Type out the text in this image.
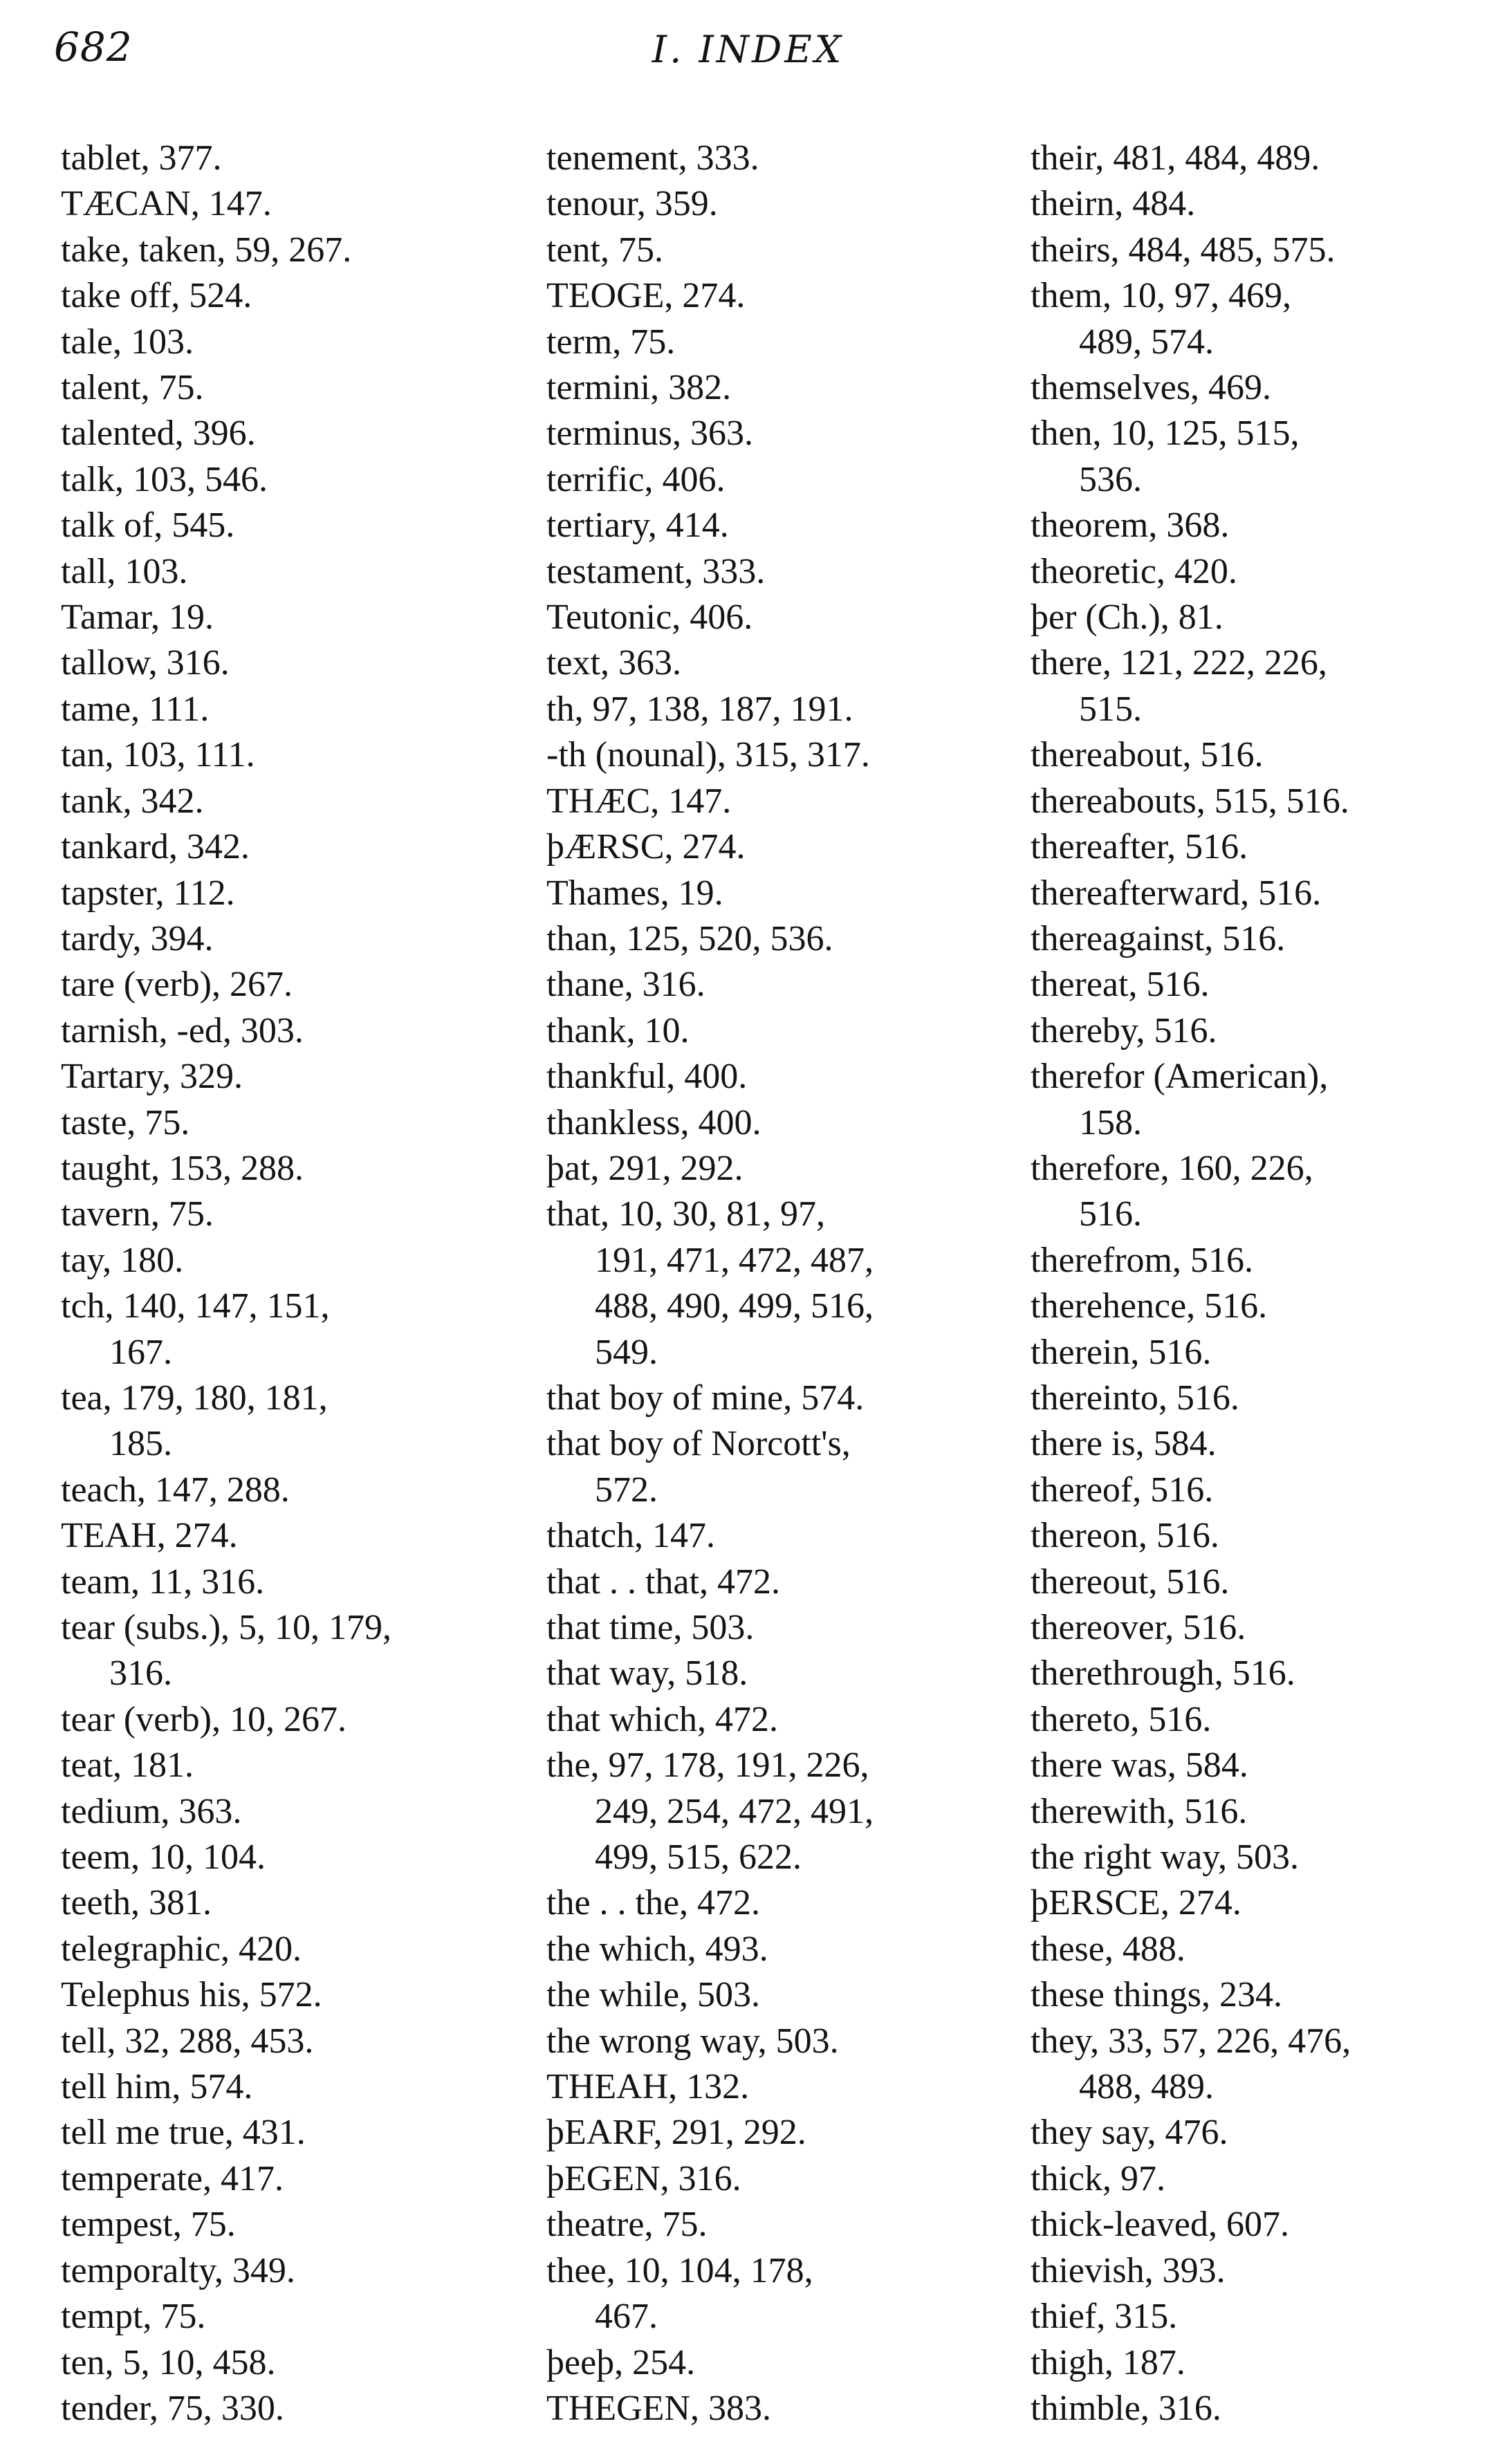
682	I. INDEX
tablet, 377.
TÆCAN, 147.
take, taken, 59, 267.
take off, 524.
tale, 103.
talent, 75.
talented, 396.
talk, 103, 546.
talk of, 545.
tall, 103.
Tamar, 19.
tallow, 316.
tame, 111.
tan, 103, 111.
tank, 342.
tankard, 342.
tapster, 112.
tardy, 394.
tare (verb), 267.
tarnish, -ed, 303.
Tartary, 329.
taste, 75.
taught, 153, 288.
tavern, 75.
tay, 180.
tch, 140, 147, 151,
167.
tea, 179, 180, 181,
185.
teach, 147, 288.
TEAH, 274.
team, 11, 316.
tear (subs.), 5, 10, 179,
316.
tear (verb), 10, 267.
teat, 181.
tedium, 363.
teem, 10, 104.
teeth, 381.
telegraphic, 420.
Telephus his, 572.
tell, 32, 288, 453.
tell him, 574.
tell me true, 431.
temperate, 417.
tempest, 75.
temporalty, 349.
tempt, 75.
ten, 5, 10, 458.
tender, 75, 330.
tenement, 333.
tenour, 359.
tent, 75.
TEOGE, 274.
term, 75.
termini, 382.
terminus, 363.
terrific, 406.
tertiary, 414.
testament, 333.
Teutonic, 406.
text, 363.
th, 97, 138, 187, 191.
-th (nounal), 315, 317.
THÆC, 147.
þÆRSC, 274.
Thames, 19.
than, 125, 520, 536.
thane, 316.
thank, 10.
thankful, 400.
thankless, 400.
þat, 291, 292.
that, 10, 30, 81, 97,
191, 471, 472, 487,
488, 490, 499, 516,
549.
that boy of mine, 574.
that boy of Norcott's,
572.
thatch, 147.
that . . that, 472.
that time, 503.
that way, 518.
that which, 472.
the, 97, 178, 191, 226,
249, 254, 472, 491,
499, 515, 622.
the . . the, 472.
the which, 493.
the while, 503.
the wrong way, 503.
THEAH, 132.
þEARF, 291, 292.
þEGEN, 316.
theatre, 75.
thee, 10, 104, 178,
467.
þeeþ, 254.
THEGEN, 383.
their, 481, 484, 489.
theirn, 484.
theirs, 484, 485, 575.
them, 10, 97, 469,
489, 574.
themselves, 469.
then, 10, 125, 515,
536.
theorem, 368.
theoretic, 420.
þer (Ch.), 81.
there, 121, 222, 226,
515.
thereabout, 516.
thereabouts, 515, 516.
thereafter, 516.
thereafterward, 516.
thereagainst, 516.
thereat, 516.
thereby, 516.
therefor (American),
158.
therefore, 160, 226,
516.
therefrom, 516.
therehence, 516.
therein, 516.
thereinto, 516.
there is, 584.
thereof, 516.
thereon, 516.
thereout, 516.
thereover, 516.
therethrough, 516.
thereto, 516.
there was, 584.
therewith, 516.
the right way, 503.
þERSCE, 274.
these, 488.
these things, 234.
they, 33, 57, 226, 476,
488, 489.
they say, 476.
thick, 97.
thick-leaved, 607.
thievish, 393.
thief, 315.
thigh, 187.
thimble, 316.
